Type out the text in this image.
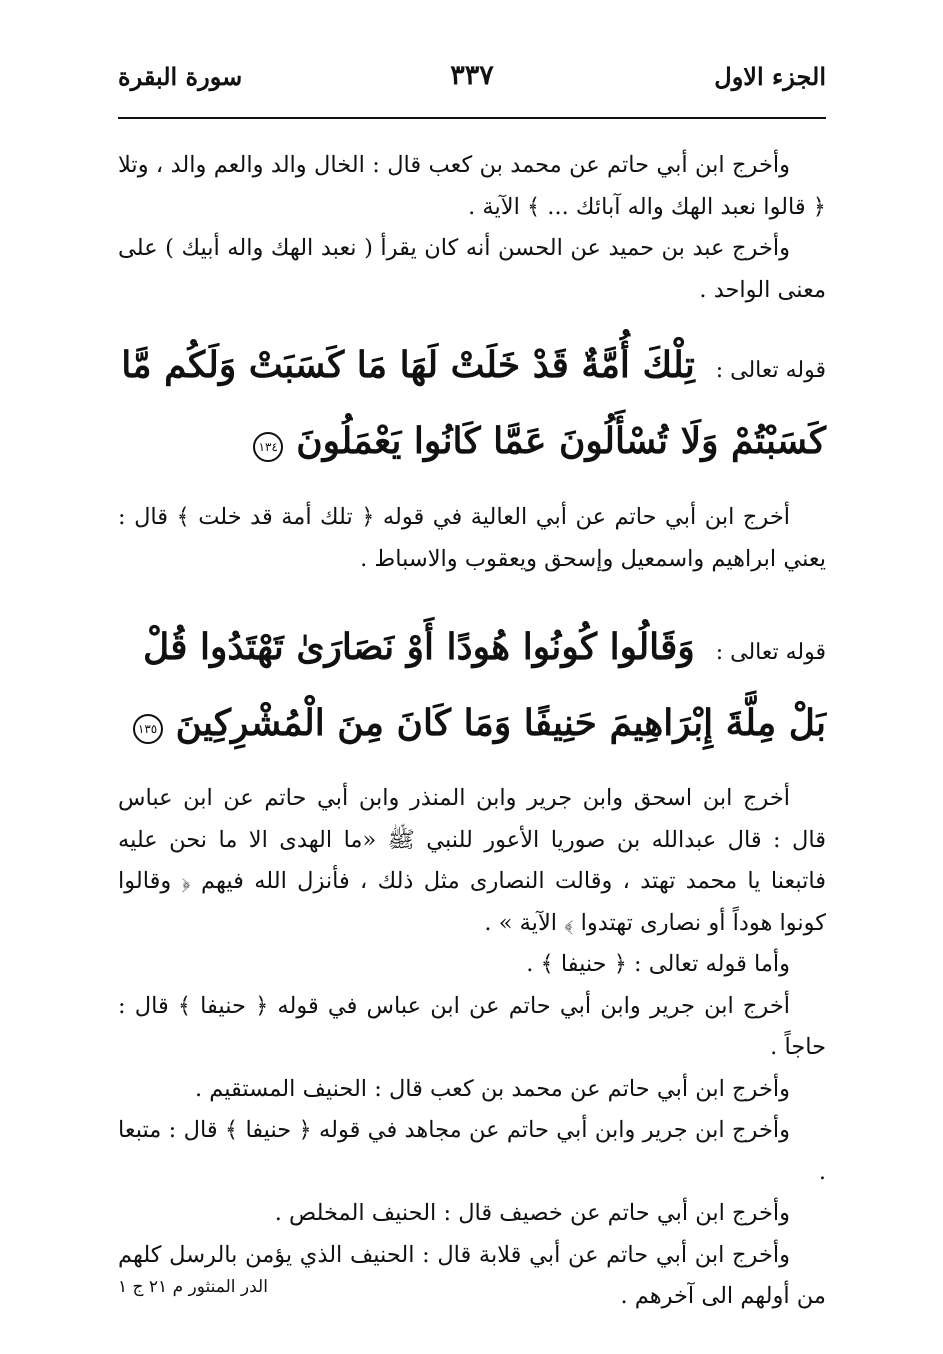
الجزء الاول
٣٣٧
سورة البقرة

وأخرج ابن أبي حاتم عن محمد بن كعب قال : الخال والد والعم والد ، وتلا ﴿ قالوا نعبد الهك واله آبائك ... ﴾ الآية .

وأخرج عبد بن حميد عن الحسن أنه كان يقرأ ( نعبد الهك واله أبيك ) على معنى الواحد .

قوله تعالى : تِلْكَ أُمَّةٌ قَدْ خَلَتْ لَهَا مَا كَسَبَتْ وَلَكُم مَّا كَسَبْتُمْ وَلَا تُسْأَلُونَ عَمَّا كَانُوا يَعْمَلُونَ ١٣٤

أخرج ابن أبي حاتم عن أبي العالية في قوله ﴿ تلك أمة قد خلت ﴾ قال : يعني ابراهيم واسمعيل وإسحق ويعقوب والاسباط .

قوله تعالى : وَقَالُوا كُونُوا هُودًا أَوْ نَصَارَىٰ تَهْتَدُوا قُلْ بَلْ مِلَّةَ إِبْرَاهِيمَ حَنِيفًا وَمَا كَانَ مِنَ الْمُشْرِكِينَ ١٣٥

أخرج ابن اسحق وابن جرير وابن المنذر وابن أبي حاتم عن ابن عباس قال : قال عبدالله بن صوريا الأعور للنبي ﷺ «ما الهدى الا ما نحن عليه فاتبعنا يا محمد تهتد ، وقالت النصارى مثل ذلك ، فأنزل الله فيهم ﴿ وقالوا كونوا هوداً أو نصارى تهتدوا ﴾ الآية » .

وأما قوله تعالى : ﴿ حنيفا ﴾ .

أخرج ابن جرير وابن أبي حاتم عن ابن عباس في قوله ﴿ حنيفا ﴾ قال : حاجاً .

وأخرج ابن أبي حاتم عن محمد بن كعب قال : الحنيف المستقيم .

وأخرج ابن جرير وابن أبي حاتم عن مجاهد في قوله ﴿ حنيفا ﴾ قال : متبعا .

وأخرج ابن أبي حاتم عن خصيف قال : الحنيف المخلص .

وأخرج ابن أبي حاتم عن أبي قلابة قال : الحنيف الذي يؤمن بالرسل كلهم من أولهم الى آخرهم .

الدر المنثور م ٢١ ج ١
